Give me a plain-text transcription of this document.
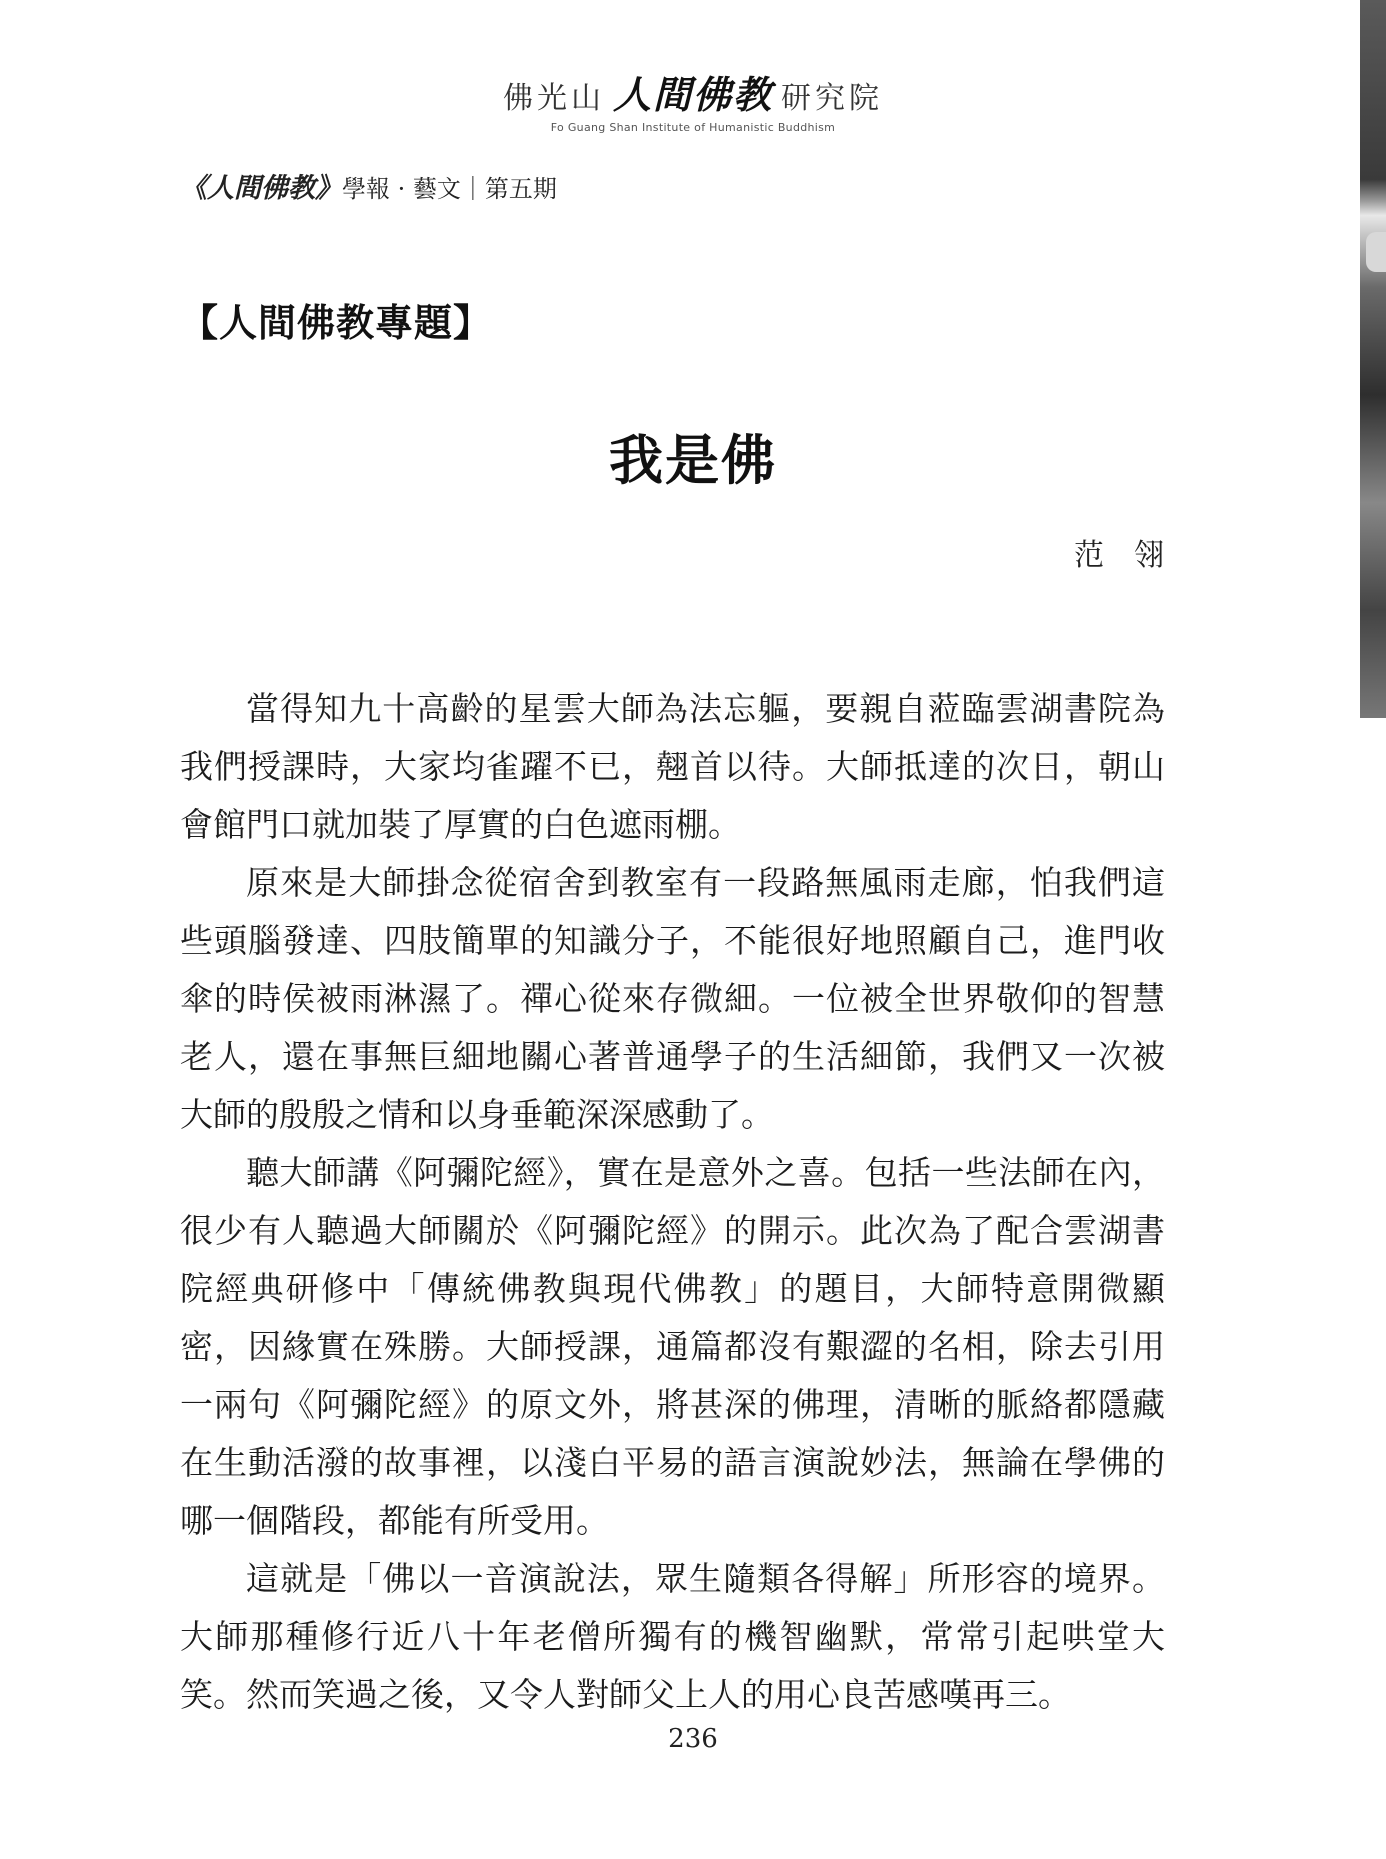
佛光山 人間佛教 研究院
Fo Guang Shan Institute of Humanistic Buddhism
《人間佛教》學報 · 藝文｜第五期
【人間佛教專題】
我是佛
范翎

當得知九十高齡的星雲大師為法忘軀，要親自蒞臨雲湖書院為我們授課時，大家均雀躍不已，翹首以待。大師抵達的次日，朝山會館門口就加裝了厚實的白色遮雨棚。

原來是大師掛念從宿舍到教室有一段路無風雨走廊，怕我們這些頭腦發達、四肢簡單的知識分子，不能很好地照顧自己，進門收傘的時侯被雨淋濕了。禪心從來存微細。一位被全世界敬仰的智慧老人，還在事無巨細地關心著普通學子的生活細節，我們又一次被大師的殷殷之情和以身垂範深深感動了。

聽大師講《阿彌陀經》，實在是意外之喜。包括一些法師在內，很少有人聽過大師關於《阿彌陀經》的開示。此次為了配合雲湖書院經典研修中「傳統佛教與現代佛教」的題目，大師特意開微顯密，因緣實在殊勝。大師授課，通篇都沒有艱澀的名相，除去引用一兩句《阿彌陀經》的原文外，將甚深的佛理，清晰的脈絡都隱藏在生動活潑的故事裡，以淺白平易的語言演說妙法，無論在學佛的哪一個階段，都能有所受用。

這就是「佛以一音演說法，眾生隨類各得解」所形容的境界。大師那種修行近八十年老僧所獨有的機智幽默，常常引起哄堂大笑。然而笑過之後，又令人對師父上人的用心良苦感嘆再三。

236
